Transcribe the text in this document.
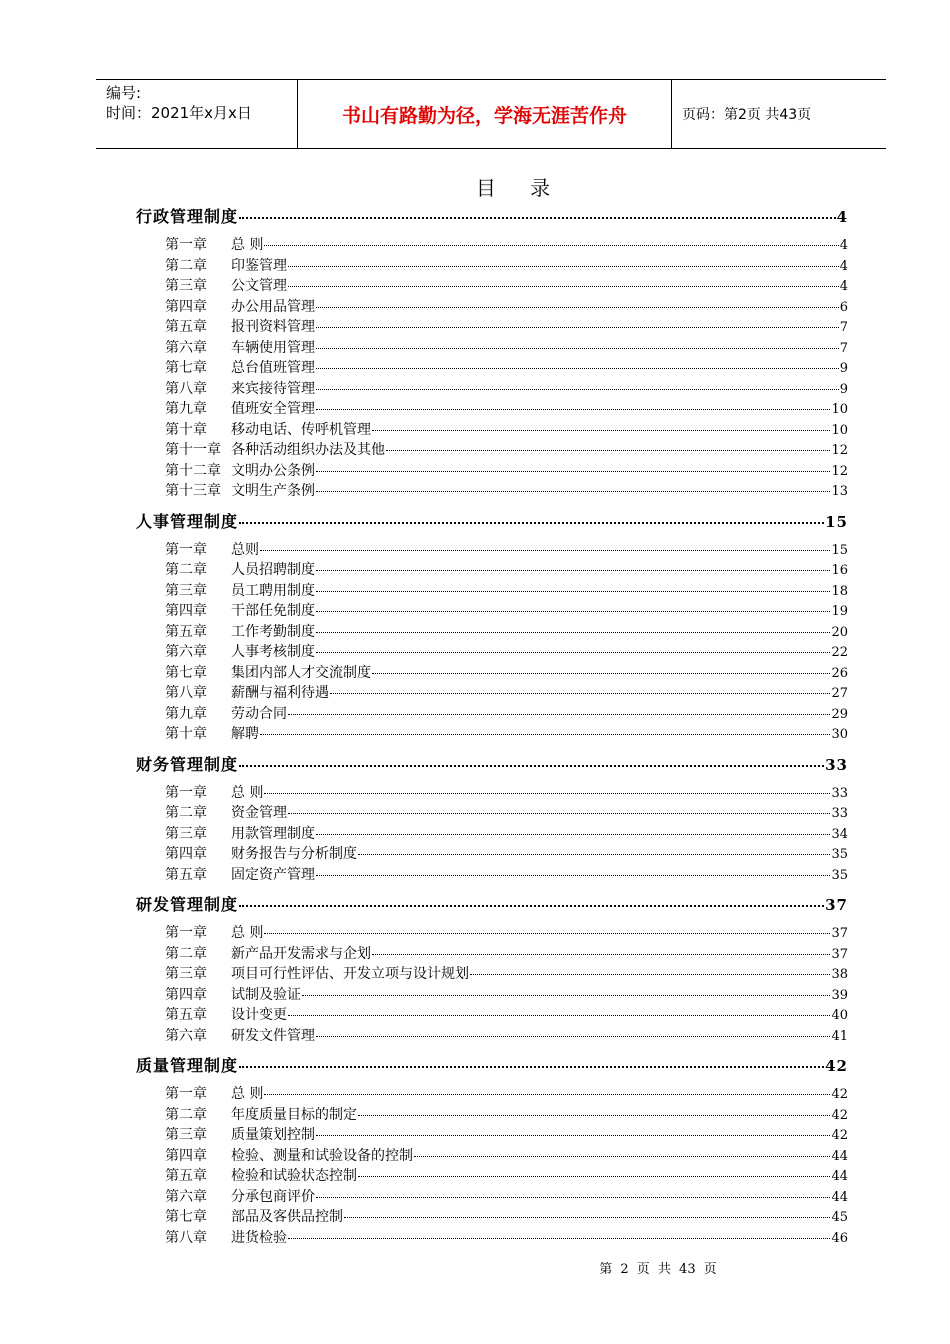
编号:
时间：2021年x月x日	书山有路勤为径，学海无涯苦作舟	页码：第2页 共43页
目 录
行政管理制度	4
第一章	总 则	4
第二章	印鉴管理	4
第三章	公文管理	4
第四章	办公用品管理	6
第五章	报刊资料管理	7
第六章	车辆使用管理	7
第七章	总台值班管理	9
第八章	来宾接待管理	9
第九章	值班安全管理	10
第十章	移动电话、传呼机管理	10
第十一章 各种活动组织办法及其他	12
第十二章 文明办公条例	12
第十三章 文明生产条例	13
人事管理制度	15
第一章	总则	15
第二章	人员招聘制度	16
第三章	员工聘用制度	18
第四章	干部任免制度	19
第五章	工作考勤制度	20
第六章	人事考核制度	22
第七章	集团内部人才交流制度	26
第八章	薪酬与福利待遇	27
第九章	劳动合同	29
第十章	解聘	30
财务管理制度	33
第一章	总 则	33
第二章	资金管理	33
第三章	用款管理制度	34
第四章	财务报告与分析制度	35
第五章	固定资产管理	35
研发管理制度	37
第一章	总 则	37
第二章	新产品开发需求与企划	37
第三章	项目可行性评估、开发立项与设计规划	38
第四章	试制及验证	39
第五章	设计变更	40
第六章	研发文件管理	41
质量管理制度	42
第一章	总 则	42
第二章	年度质量目标的制定	42
第三章	质量策划控制	42
第四章	检验、测量和试验设备的控制	44
第五章	检验和试验状态控制	44
第六章	分承包商评价	44
第七章	部品及客供品控制	45
第八章	进货检验	46
第 2 页 共 43 页
